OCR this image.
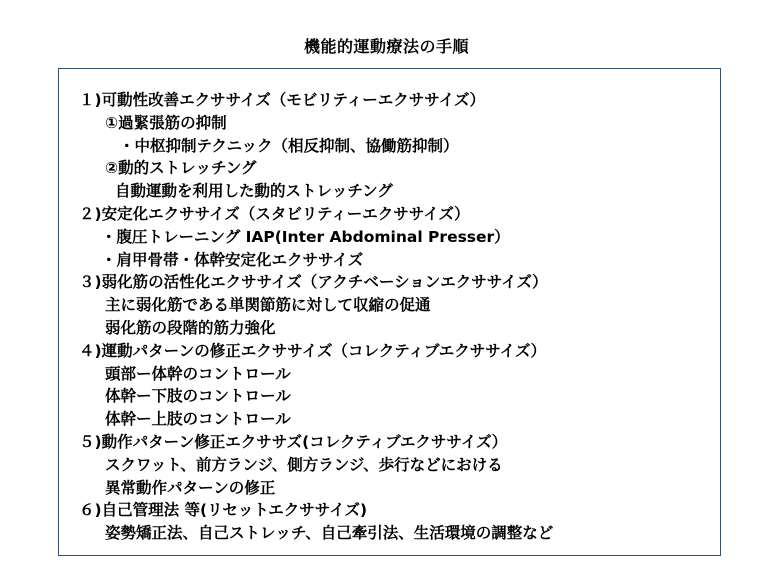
機能的運動療法の手順
１)可動性改善エクササイズ（モビリティーエクササイズ）
①過緊張筋の抑制
・中枢抑制テクニック（相反抑制、協働筋抑制）
②動的ストレッチング
自動運動を利用した動的ストレッチング
２)安定化エクササイズ（スタビリティーエクササイズ）
・腹圧トレーニング IAP(Inter Abdominal Presser）
・肩甲骨帯・体幹安定化エクササイズ
３)弱化筋の活性化エクササイズ（アクチベーションエクササイズ）
主に弱化筋である単関節筋に対して収縮の促通
弱化筋の段階的筋力強化
４)運動パターンの修正エクササイズ（コレクティブエクササイズ）
頭部ー体幹のコントロール
体幹ー下肢のコントロール
体幹ー上肢のコントロール
５)動作パターン修正エクササズ(コレクティブエクササイズ）
スクワット、前方ランジ、側方ランジ、歩行などにおける
異常動作パターンの修正
６)自己管理法 等(リセットエクササイズ)
姿勢矯正法、自己ストレッチ、自己牽引法、生活環境の調整など
